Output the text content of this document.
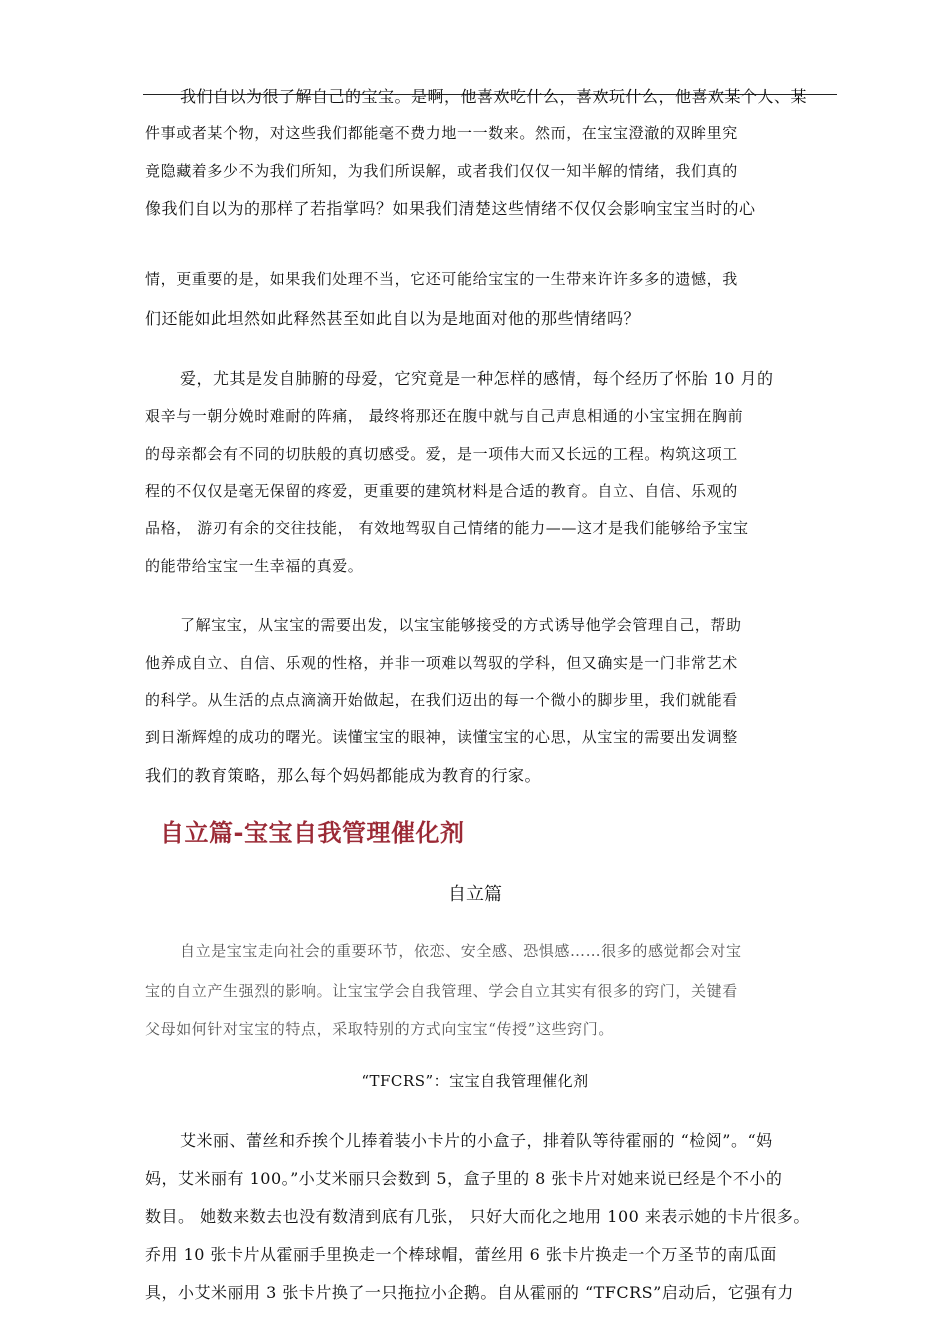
我们自以为很了解自己的宝宝。是啊，他喜欢吃什么，喜欢玩什么，他喜欢某个人、某
件事或者某个物，对这些我们都能毫不费力地一一数来。然而，在宝宝澄澈的双眸里究
竟隐藏着多少不为我们所知，为我们所误解，或者我们仅仅一知半解的情绪，我们真的
像我们自以为的那样了若指掌吗？如果我们清楚这些情绪不仅仅会影响宝宝当时的心
情，更重要的是，如果我们处理不当，它还可能给宝宝的一生带来许许多多的遗憾，我
们还能如此坦然如此释然甚至如此自以为是地面对他的那些情绪吗？
爱，尤其是发自肺腑的母爱，它究竟是一种怎样的感情，每个经历了怀胎 10 月的
艰辛与一朝分娩时难耐的阵痛， 最终将那还在腹中就与自己声息相通的小宝宝拥在胸前
的母亲都会有不同的切肤般的真切感受。爱，是一项伟大而又长远的工程。构筑这项工
程的不仅仅是毫无保留的疼爱，更重要的建筑材料是合适的教育。自立、自信、乐观的
品格， 游刃有余的交往技能， 有效地驾驭自己情绪的能力——这才是我们能够给予宝宝
的能带给宝宝一生幸福的真爱。
了解宝宝，从宝宝的需要出发，以宝宝能够接受的方式诱导他学会管理自己，帮助
他养成自立、自信、乐观的性格，并非一项难以驾驭的学科，但又确实是一门非常艺术
的科学。从生活的点点滴滴开始做起，在我们迈出的每一个微小的脚步里，我们就能看
到日渐辉煌的成功的曙光。读懂宝宝的眼神，读懂宝宝的心思，从宝宝的需要出发调整
我们的教育策略，那么每个妈妈都能成为教育的行家。
自立篇-宝宝自我管理催化剂
自立篇
自立是宝宝走向社会的重要环节，依恋、安全感、恐惧感……很多的感觉都会对宝
宝的自立产生强烈的影响。让宝宝学会自我管理、学会自立其实有很多的窍门，关键看
父母如何针对宝宝的特点，采取特别的方式向宝宝“传授”这些窍门。
“TFCRS”：宝宝自我管理催化剂
艾米丽、蕾丝和乔挨个儿捧着装小卡片的小盒子，排着队等待霍丽的 “检阅”。“妈
妈，艾米丽有 100。”小艾米丽只会数到 5，盒子里的 8 张卡片对她来说已经是个不小的
数目。 她数来数去也没有数清到底有几张， 只好大而化之地用 100 来表示她的卡片很多。
乔用 10 张卡片从霍丽手里换走一个棒球帽，蕾丝用 6 张卡片换走一个万圣节的南瓜面
具，小艾米丽用 3 张卡片换了一只拖拉小企鹅。自从霍丽的 “TFCRS”启动后，它强有力
